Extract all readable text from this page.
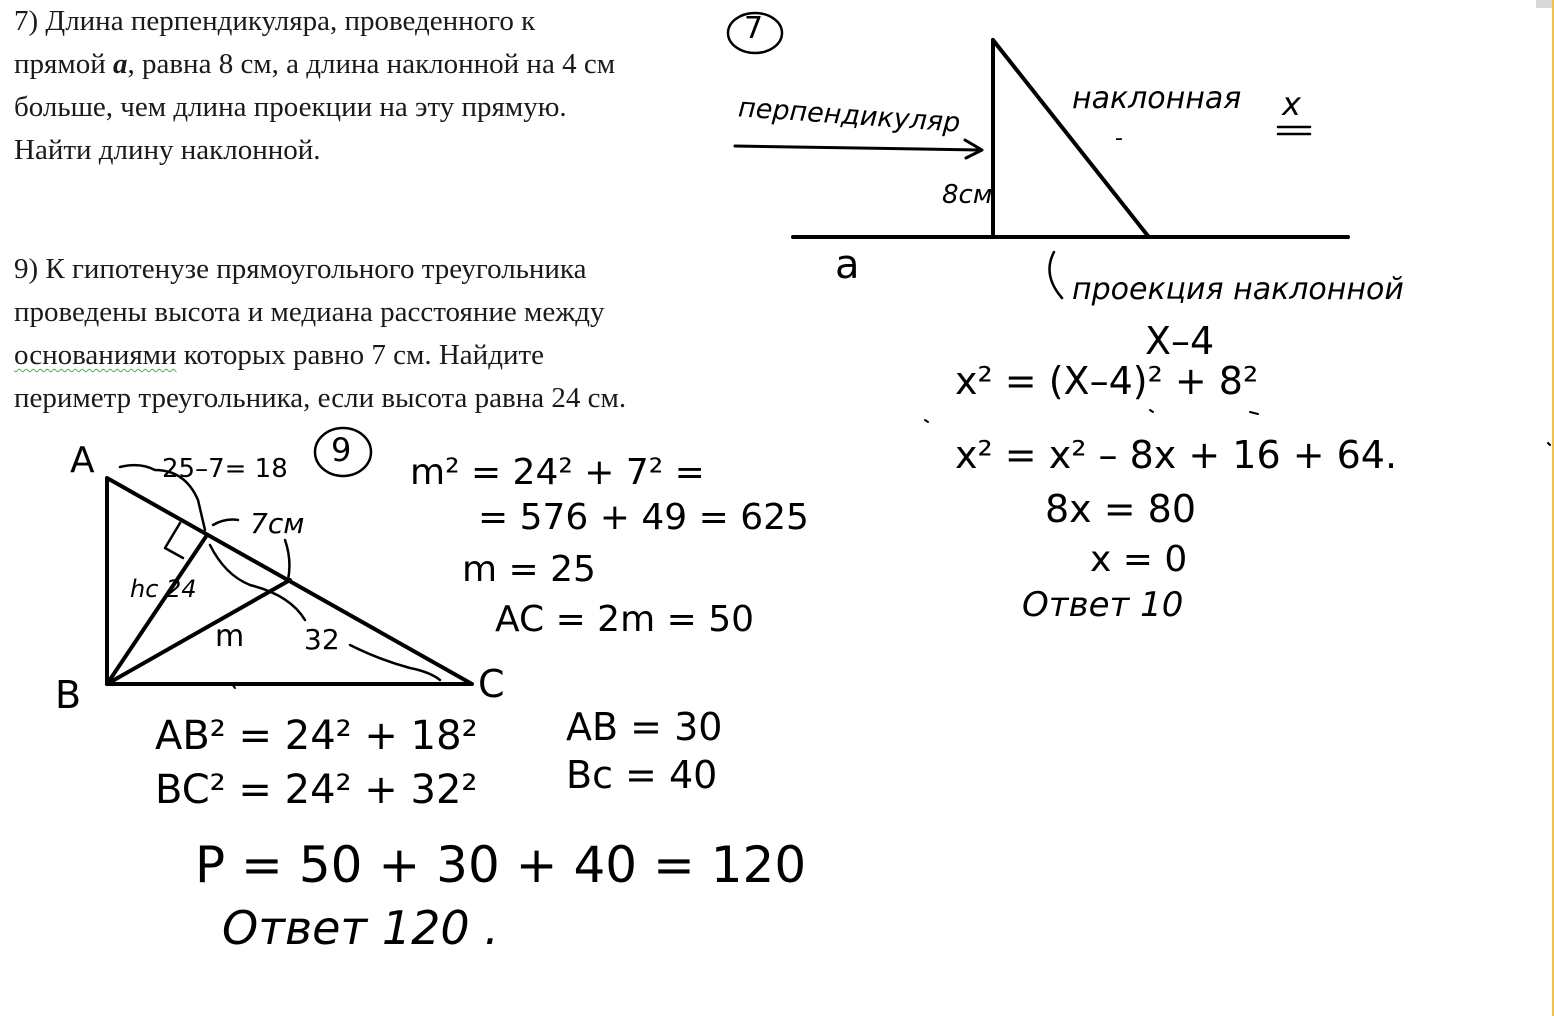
7) Длина перпендикуляра, проведенного к
прямой a, равна 8 см, а длина наклонной на 4 см
больше, чем длина проекции на эту прямую.
Найти длину наклонной.

9) К гипотенузе прямоугольного треугольника
проведены высота и медиана расстояние между
основаниями которых равно 7 см. Найдите
периметр треугольника, если высота равна 24 см.

7
перпендикуляр	наклонная x
-
8см
a
проекция наклонной
X–4
x² = (X–4)² + 8²
x² = x² – 8x + 16 + 64.
8x = 80
x = 0
Ответ 10
9
A
B	C
25–7= 18
7см
hc 24
m 32
m² = 24² + 7² =
= 576 + 49 = 625
m = 25
AC = 2m = 50
AB² = 24² + 18²
BC² = 24² + 32²
AB = 30
Bc = 40
P = 50 + 30 + 40 = 120
Ответ 120 .
